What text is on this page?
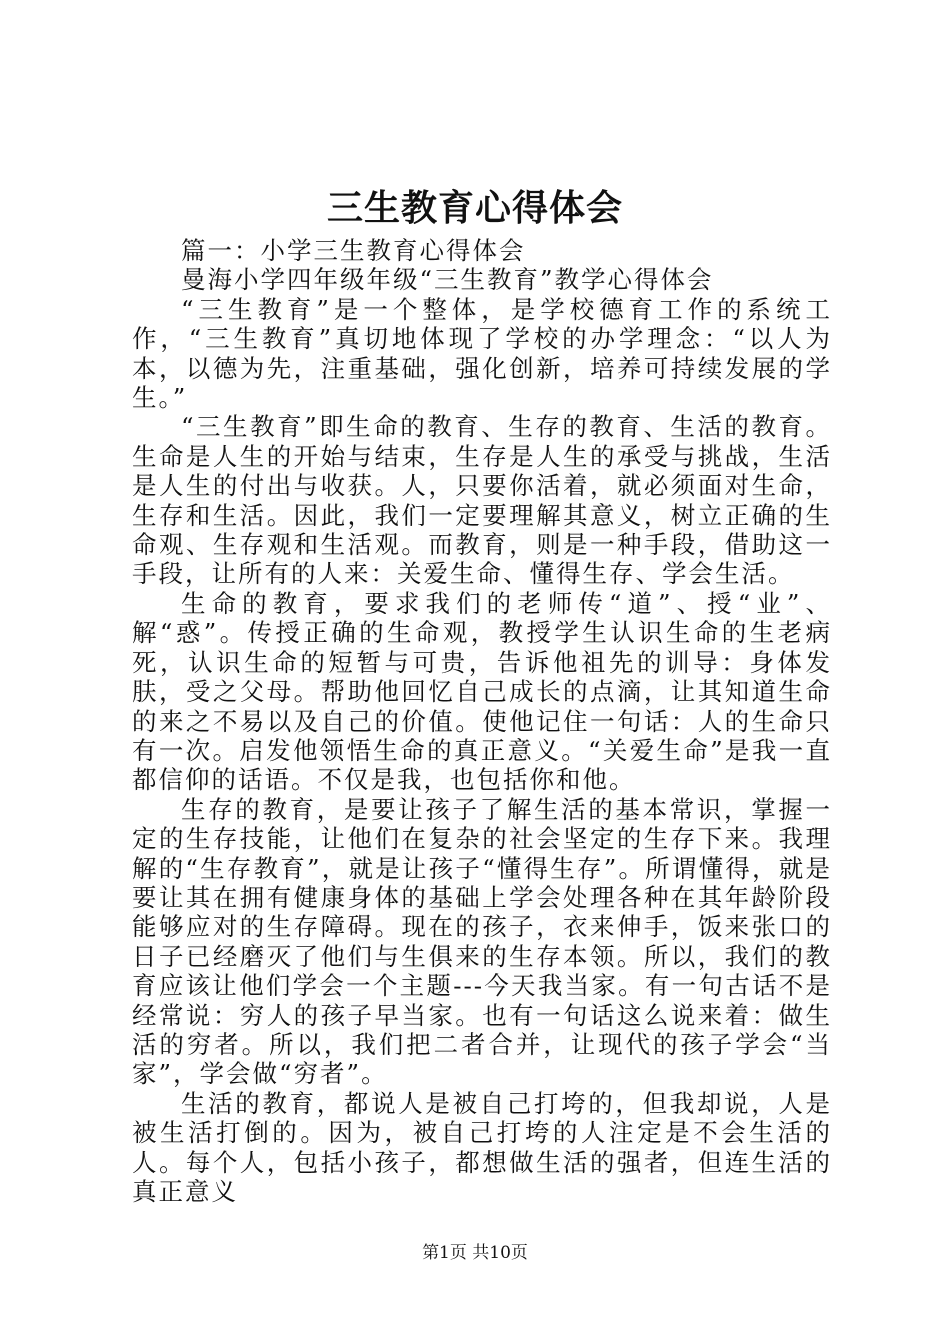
三生教育心得体会

篇一：小学三生教育心得体会

曼海小学四年级年级“三生教育”教学心得体会

“三生教育”是一个整体，是学校德育工作的系统工作，“三生教育”真切地体现了学校的办学理念：“以人为本，以德为先，注重基础，强化创新，培养可持续发展的学生。”

“三生教育”即生命的教育、生存的教育、生活的教育。生命是人生的开始与结束，生存是人生的承受与挑战，生活是人生的付出与收获。人，只要你活着，就必须面对生命，生存和生活。因此，我们一定要理解其意义，树立正确的生命观、生存观和生活观。而教育，则是一种手段，借助这一手段，让所有的人来：关爱生命、懂得生存、学会生活。

生命的教育，要求我们的老师传“道”、授“业”、解“惑”。传授正确的生命观，教授学生认识生命的生老病死，认识生命的短暂与可贵，告诉他祖先的训导：身体发肤，受之父母。帮助他回忆自己成长的点滴，让其知道生命的来之不易以及自己的价值。使他记住一句话：人的生命只有一次。启发他领悟生命的真正意义。“关爱生命”是我一直都信仰的话语。不仅是我，也包括你和他。

生存的教育，是要让孩子了解生活的基本常识，掌握一定的生存技能，让他们在复杂的社会坚定的生存下来。我理解的“生存教育”，就是让孩子“懂得生存”。所谓懂得，就是要让其在拥有健康身体的基础上学会处理各种在其年龄阶段能够应对的生存障碍。现在的孩子，衣来伸手，饭来张口的日子已经磨灭了他们与生俱来的生存本领。所以，我们的教育应该让他们学会一个主题---今天我当家。有一句古话不是经常说：穷人的孩子早当家。也有一句话这么说来着：做生活的穷者。所以，我们把二者合并，让现代的孩子学会“当家”，学会做“穷者”。

生活的教育，都说人是被自己打垮的，但我却说，人是被生活打倒的。因为，被自己打垮的人注定是不会生活的人。每个人，包括小孩子，都想做生活的强者，但连生活的真正意义

第1页 共10页
